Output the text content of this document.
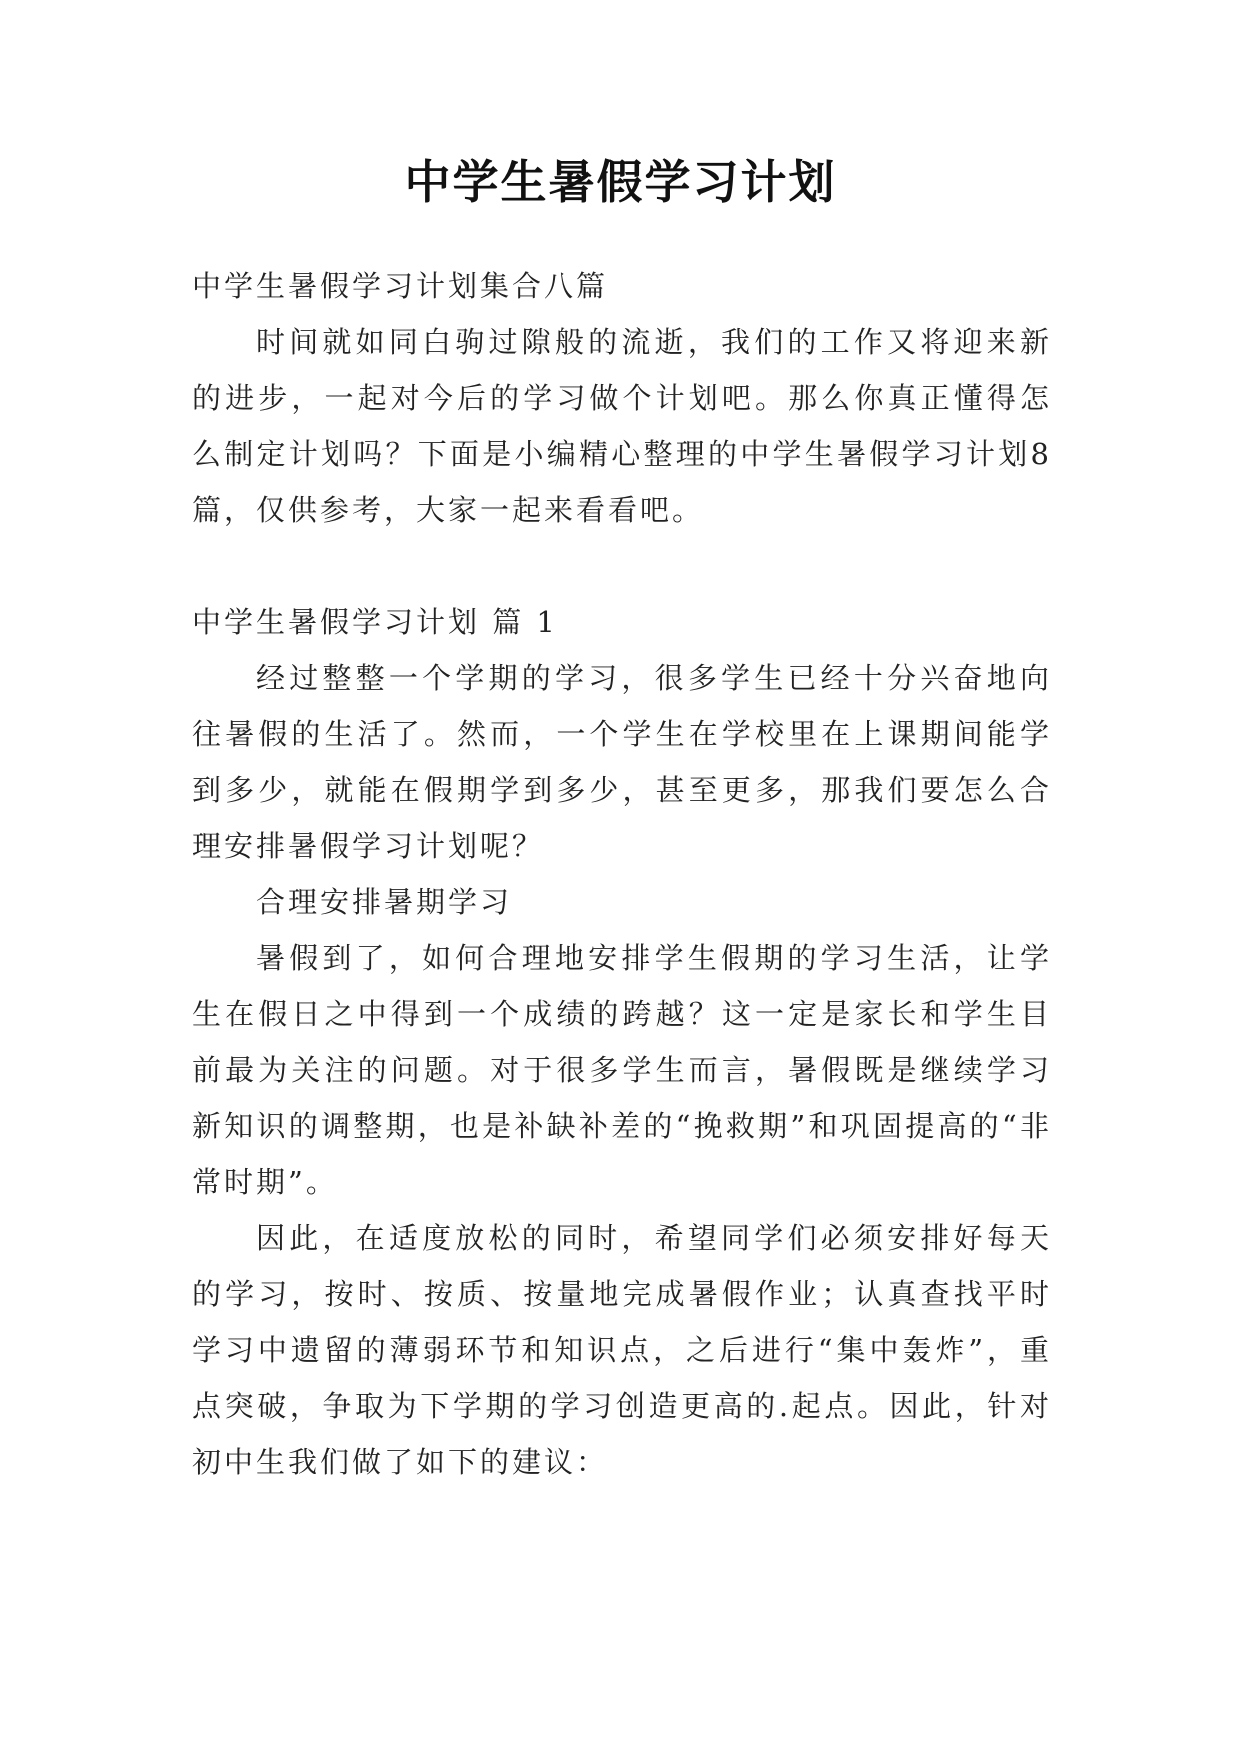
中学生暑假学习计划

中学生暑假学习计划集合八篇

时间就如同白驹过隙般的流逝，我们的工作又将迎来新的进步，一起对今后的学习做个计划吧。那么你真正懂得怎么制定计划吗？下面是小编精心整理的中学生暑假学习计划8篇，仅供参考，大家一起来看看吧。

中学生暑假学习计划 篇 1

经过整整一个学期的学习，很多学生已经十分兴奋地向往暑假的生活了。然而，一个学生在学校里在上课期间能学到多少，就能在假期学到多少，甚至更多，那我们要怎么合理安排暑假学习计划呢？

合理安排暑期学习

暑假到了，如何合理地安排学生假期的学习生活，让学生在假日之中得到一个成绩的跨越？这一定是家长和学生目前最为关注的问题。对于很多学生而言，暑假既是继续学习新知识的调整期，也是补缺补差的“挽救期”和巩固提高的“非常时期”。

因此，在适度放松的同时，希望同学们必须安排好每天的学习，按时、按质、按量地完成暑假作业；认真查找平时学习中遗留的薄弱环节和知识点，之后进行“集中轰炸”，重点突破，争取为下学期的学习创造更高的.起点。因此，针对初中生我们做了如下的建议：
